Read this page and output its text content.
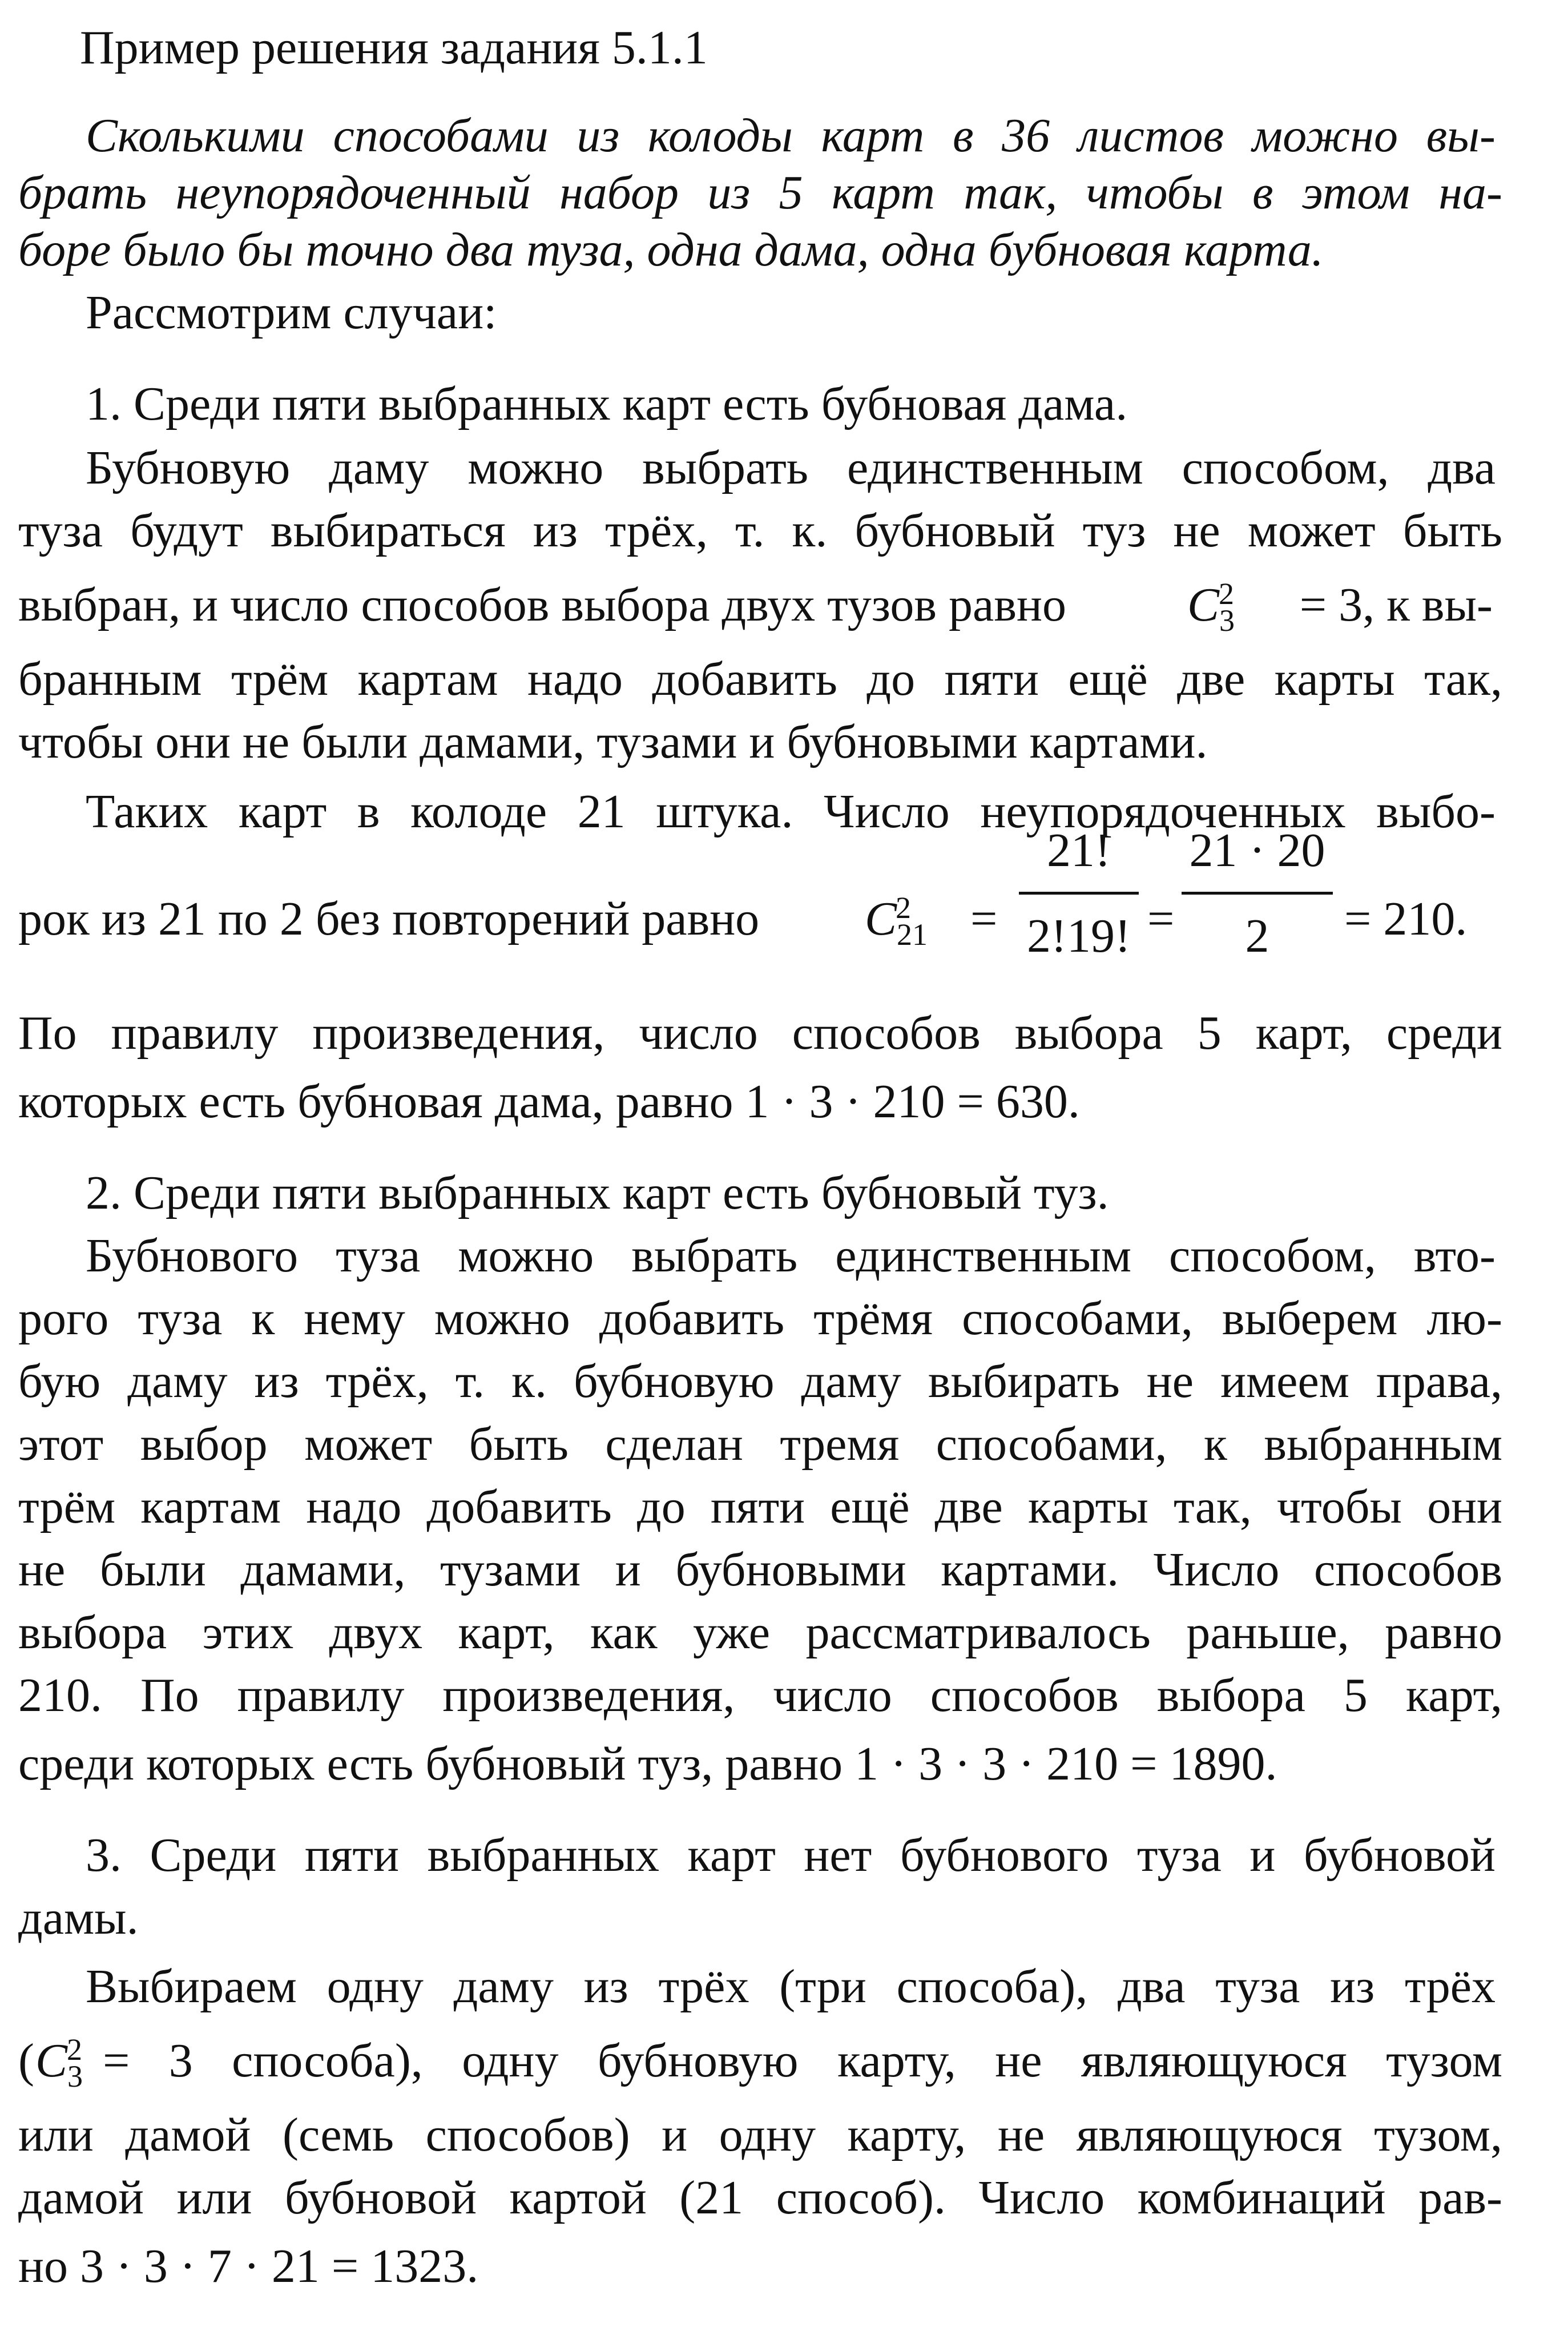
Пример решения задания 5.1.1
Сколькими способами из колоды карт в 36 листов можно вы-
брать неупорядоченный набор из 5 карт так, чтобы в этом на-
боре было бы точно два туза, одна дама, одна бубновая карта.
Рассмотрим случаи:
1. Среди пяти выбранных карт есть бубновая дама.
Бубновую даму можно выбрать единственным способом, два
туза будут выбираться из трёх, т. к. бубновый туз не может быть
выбран, и число способов выбора двух тузов равно	$C_3^2$	= 3, к вы-
бранным трём картам надо добавить до пяти ещё две карты так,
чтобы они не были дамами, тузами и бубновыми картами.
Таких карт в колоде 21 штука. Число неупорядоченных выбо-
рок из 21 по 2 без повторений равно	$C_{21}^2$ =
21!
2!19! =
21 · 20
2	= 210.
По правилу произведения, число способов выбора 5 карт, среди
которых есть бубновая дама, равно 1 · 3 · 210 = 630.
2. Среди пяти выбранных карт есть бубновый туз.
Бубнового туза можно выбрать единственным способом, вто-
рого туза к нему можно добавить трёмя способами, выберем лю-
бую даму из трёх, т. к. бубновую даму выбирать не имеем права,
этот выбор может быть сделан тремя способами, к выбранным
трём картам надо добавить до пяти ещё две карты так, чтобы они
не были дамами, тузами и бубновыми картами. Число способов
выбора этих двух карт, как уже рассматривалось раньше, равно
210. По правилу произведения, число способов выбора 5 карт,
среди которых есть бубновый туз, равно 1 · 3 · 3 · 210 = 1890.
3. Среди пяти выбранных карт нет бубнового туза и бубновой
дамы.
Выбираем одну даму из трёх (три способа), два туза из трёх
( $C_3^2 = 3$ способа), одну бубновую карту, не являющуюся тузом
или дамой (семь способов) и одну карту, не являющуюся тузом,
дамой или бубновой картой (21 способ). Число комбинаций рав-
но 3 · 3 · 7 · 21 = 1323.
